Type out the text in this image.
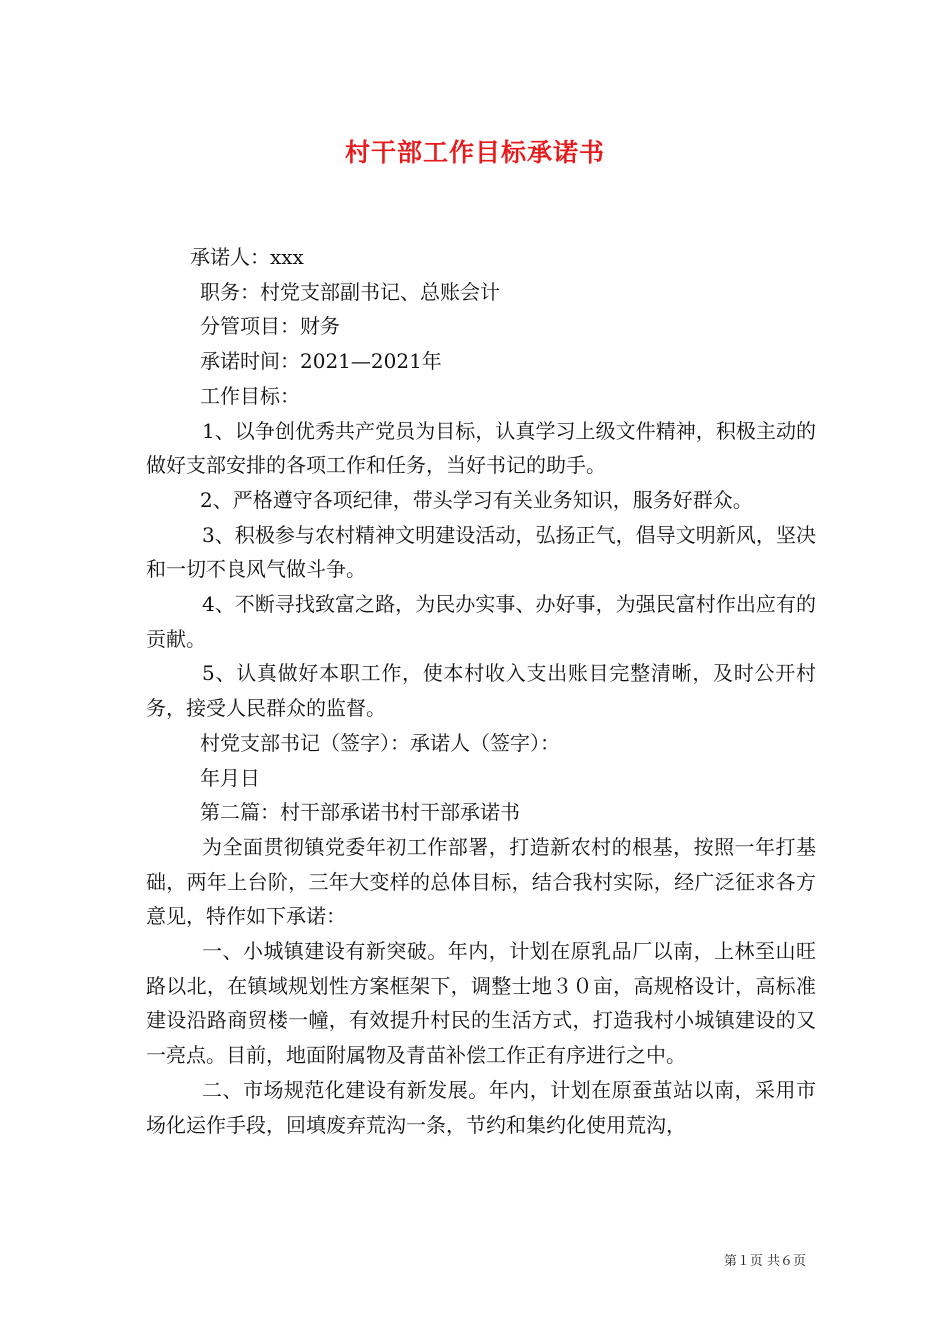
村干部工作目标承诺书

承诺人：xxx

职务：村党支部副书记、总账会计

分管项目：财务

承诺时间：2021—2021年

工作目标：

1、以争创优秀共产党员为目标，认真学习上级文件精神，积极主动的做好支部安排的各项工作和任务，当好书记的助手。

2、严格遵守各项纪律，带头学习有关业务知识，服务好群众。

3、积极参与农村精神文明建设活动，弘扬正气，倡导文明新风，坚决和一切不良风气做斗争。

4、不断寻找致富之路，为民办实事、办好事，为强民富村作出应有的贡献。

5、认真做好本职工作，使本村收入支出账目完整清晰，及时公开村务，接受人民群众的监督。

村党支部书记（签字）：承诺人（签字）：

年月日

第二篇：村干部承诺书村干部承诺书

为全面贯彻镇党委年初工作部署，打造新农村的根基，按照一年打基础，两年上台阶，三年大变样的总体目标，结合我村实际，经广泛征求各方意见，特作如下承诺：

一、小城镇建设有新突破。年内，计划在原乳品厂以南，上林至山旺路以北，在镇域规划性方案框架下，调整士地３０亩，高规格设计，高标准建设沿路商贸楼一幢，有效提升村民的生活方式，打造我村小城镇建设的又一亮点。目前，地面附属物及青苗补偿工作正有序进行之中。

二、市场规范化建设有新发展。年内，计划在原蚕茧站以南，采用市场化运作手段，回填废弃荒沟一条，节约和集约化使用荒沟，

第１页 共６页
